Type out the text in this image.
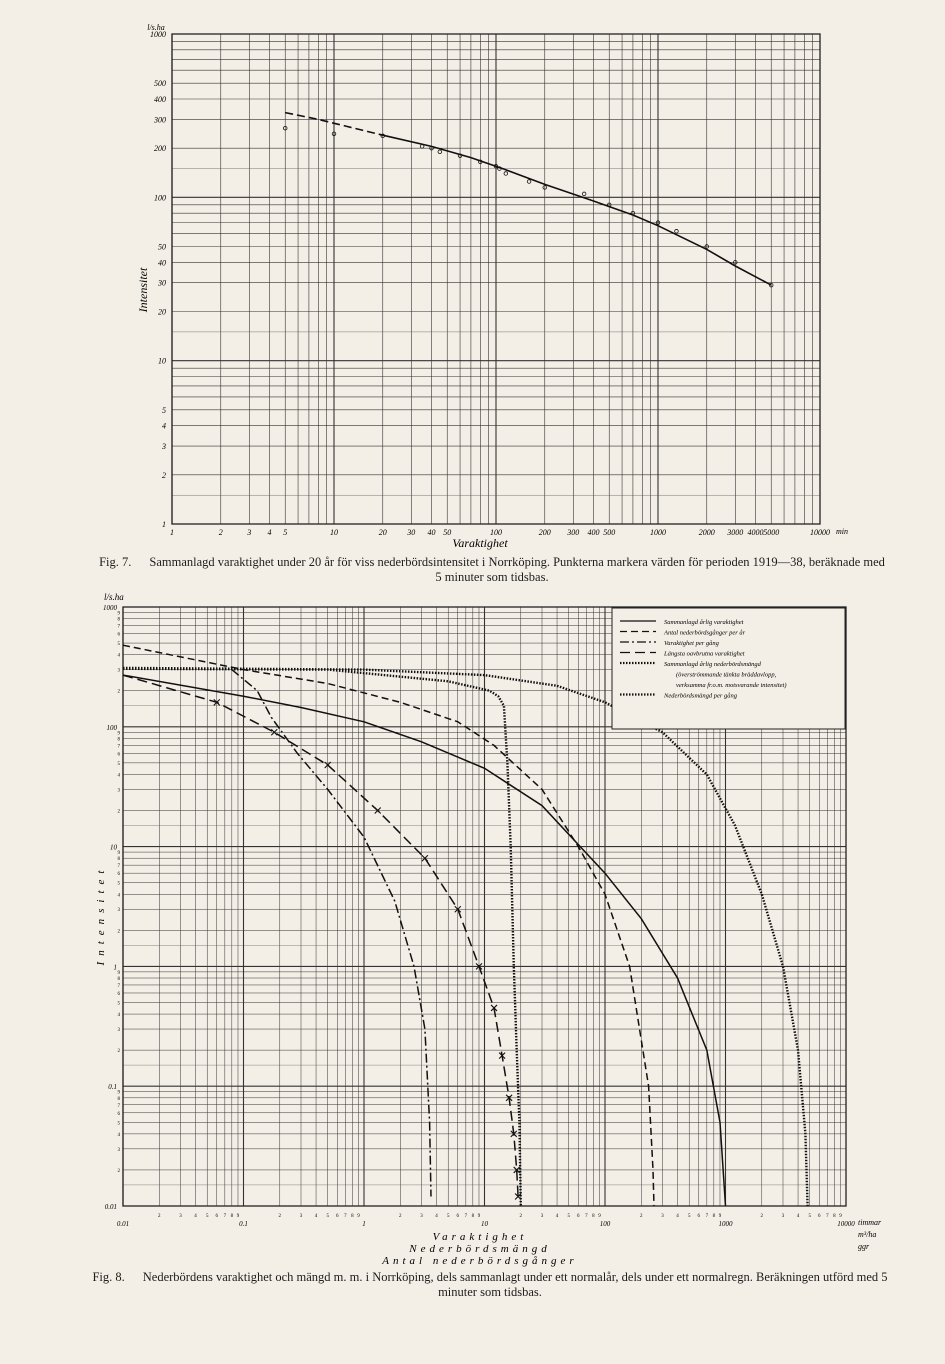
1
2
3
4
5
10
20
30
40
50
100
200
300
400
500
1000
1	2	3 4 5	10	20	30 40 50	100	200 300 400 500	1000	2000 3000 4000 5000	10000
Intensitet
l/s.ha
Varaktighet
min
0.01
0.1
1
10
100
1000
2
3
4
5
6
7
8
9
2
3
4
5
6
7
8
9
2
3
4
5
6
7
8
9
2
3
4
5
6
7
8
9
2
3
4
5
6
7
8
9
0.01	0.1	1	10	100	1000	10000
2	3	4 5 6 7 8 9	2	3	4 5 6 7 8 9	2	3	4 5 6 7 8 9	2	3	4 5 6 7 8 9	2	3	4 5 6 7 8 9	2	3	4 5 6 7 8 9
l/s.ha
Intensitet
Varaktighet
Nederbördsmängd
Antal nederbördsgånger
timmar
m³/ha
ggr
Sammanlagd årlig varaktighet
Antal nederbördsgånger per år
Varaktighet per gång
Längsta oavbrutna varaktighet
Sammanlagd årlig nederbördsmängd
(överströmmande tänkta bräddavlopp,
verksamma fr.o.m. motsvarande intensitet)
Nederbördsmängd per gång
Fig. 7. Sammanlagd varaktighet under 20 år för viss nederbördsintensitet i Norrköping. Punkterna markera värden för perioden 1919—38, beräknade med 5 minuter som tidsbas.
Fig. 8. Nederbördens varaktighet och mängd m. m. i Norrköping, dels sammanlagt under ett normalår, dels under ett normalregn. Beräkningen utförd med 5 minuter som tidsbas.
